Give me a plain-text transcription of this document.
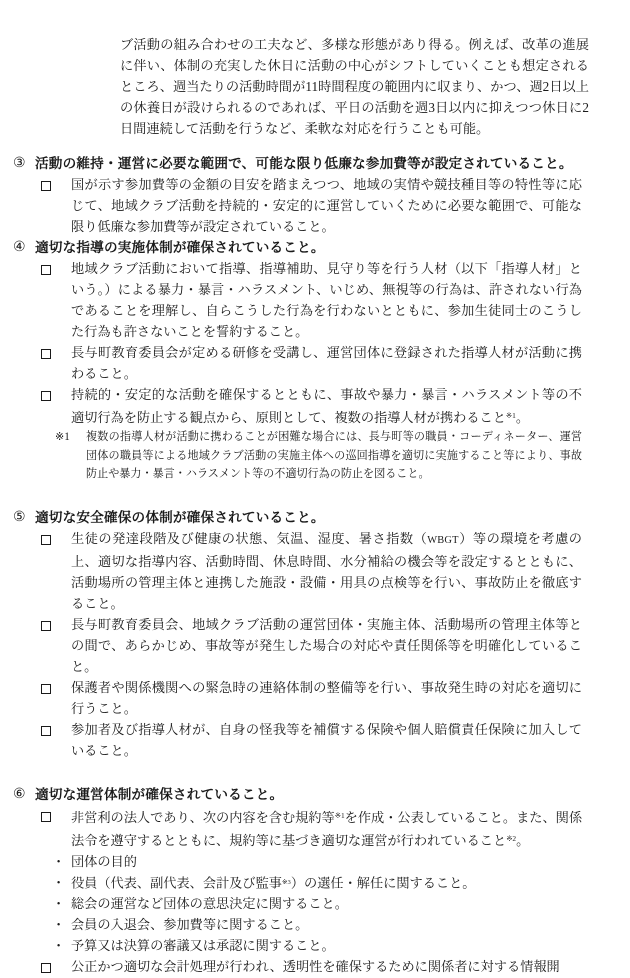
ブ活動の組み合わせの工夫など、多様な形態があり得る。例えば、改革の進展に伴い、体制の充実した休日に活動の中心がシフトしていくことも想定されるところ、週当たりの活動時間が11時間程度の範囲内に収まり、かつ、週2日以上の休養日が設けられるのであれば、平日の活動を週3日以内に抑えつつ休日に2日間連続して活動を行うなど、柔軟な対応を行うことも可能。

③ 活動の維持・運営に必要な範囲で、可能な限り低廉な参加費等が設定されていること。
国が示す参加費等の金額の目安を踏まえつつ、地域の実情や競技種目等の特性等に応じて、地域クラブ活動を持続的・安定的に運営していくために必要な範囲で、可能な限り低廉な参加費等が設定されていること。
④ 適切な指導の実施体制が確保されていること。
地域クラブ活動において指導、指導補助、見守り等を行う人材（以下「指導人材」という。）による暴力・暴言・ハラスメント、いじめ、無視等の行為は、許されない行為であることを理解し、自らこうした行為を行わないとともに、参加生徒同士のこうした行為も許さないことを誓約すること。
長与町教育委員会が定める研修を受講し、運営団体に登録された指導人材が活動に携わること。
持続的・安定的な活動を確保するとともに、事故や暴力・暴言・ハラスメント等の不適切行為を防止する観点から、原則として、複数の指導人材が携わること$^{※1}$。
※1	複数の指導人材が活動に携わることが困難な場合には、長与町等の職員・コーディネーター、運営団体の職員等による地域クラブ活動の実施主体への巡回指導を適切に実施すること等により、事故防止や暴力・暴言・ハラスメント等の不適切行為の防止を図ること。
⑤ 適切な安全確保の体制が確保されていること。
生徒の発達段階及び健康の状態、気温、湿度、暑さ指数（WBGT）等の環境を考慮の上、適切な指導内容、活動時間、休息時間、水分補給の機会等を設定するとともに、活動場所の管理主体と連携した施設・設備・用具の点検等を行い、事故防止を徹底すること。
長与町教育委員会、地域クラブ活動の運営団体・実施主体、活動場所の管理主体等との間で、あらかじめ、事故等が発生した場合の対応や責任関係等を明確化していること。
保護者や関係機関への緊急時の連絡体制の整備等を行い、事故発生時の対応を適切に行うこと。
参加者及び指導人材が、自身の怪我等を補償する保険や個人賠償責任保険に加入していること。
⑥ 適切な運営体制が確保されていること。
非営利の法人であり、次の内容を含む規約等$^{※1}$を作成・公表していること。また、関係法令を遵守するとともに、規約等に基づき適切な運営が行われていること$^{※2}$。
・ 団体の目的
・ 役員（代表、副代表、会計及び監事$^{※3}$）の選任・解任に関すること。
・ 総会の運営など団体の意思決定に関すること。
・ 会員の入退会、参加費等に関すること。
・ 予算又は決算の審議又は承認に関すること。
公正かつ適切な会計処理が行われ、透明性を確保するために関係者に対する情報開
